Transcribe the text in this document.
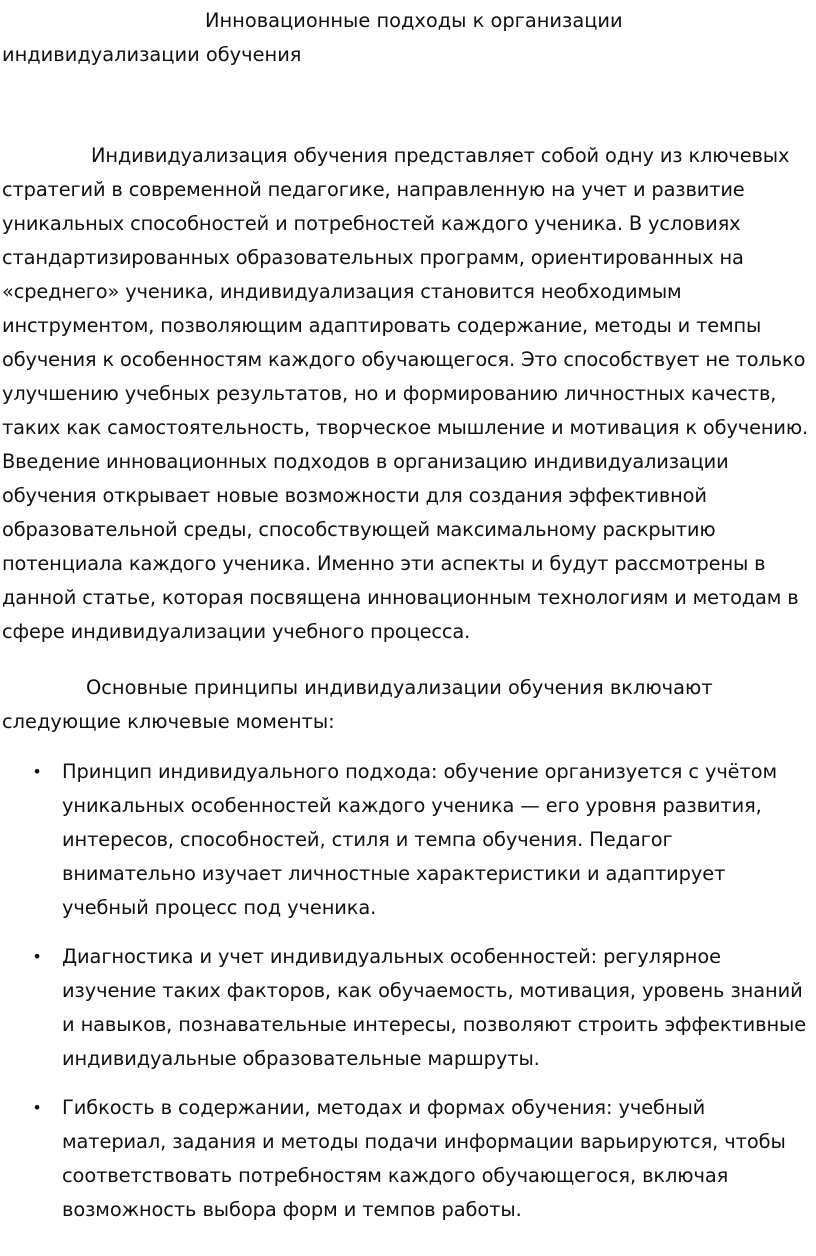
Инновационные подходы к организации индивидуализации обучения

Индивидуализация обучения представляет собой одну из ключевых стратегий в современной педагогике, направленную на учет и развитие уникальных способностей и потребностей каждого ученика. В условиях стандартизированных образовательных программ, ориентированных на «среднего» ученика, индивидуализация становится необходимым инструментом, позволяющим адаптировать содержание, методы и темпы обучения к особенностям каждого обучающегося. Это способствует не только улучшению учебных результатов, но и формированию личностных качеств, таких как самостоятельность, творческое мышление и мотивация к обучению. Введение инновационных подходов в организацию индивидуализации обучения открывает новые возможности для создания эффективной образовательной среды, способствующей максимальному раскрытию потенциала каждого ученика. Именно эти аспекты и будут рассмотрены в данной статье, которая посвящена инновационным технологиям и методам в сфере индивидуализации учебного процесса.

Основные принципы индивидуализации обучения включают следующие ключевые моменты:

• Принцип индивидуального подхода: обучение организуется с учётом уникальных особенностей каждого ученика — его уровня развития, интересов, способностей, стиля и темпа обучения. Педагог внимательно изучает личностные характеристики и адаптирует учебный процесс под ученика.
• Диагностика и учет индивидуальных особенностей: регулярное изучение таких факторов, как обучаемость, мотивация, уровень знаний и навыков, познавательные интересы, позволяют строить эффективные индивидуальные образовательные маршруты.
• Гибкость в содержании, методах и формах обучения: учебный материал, задания и методы подачи информации варьируются, чтобы соответствовать потребностям каждого обучающегося, включая возможность выбора форм и темпов работы.
